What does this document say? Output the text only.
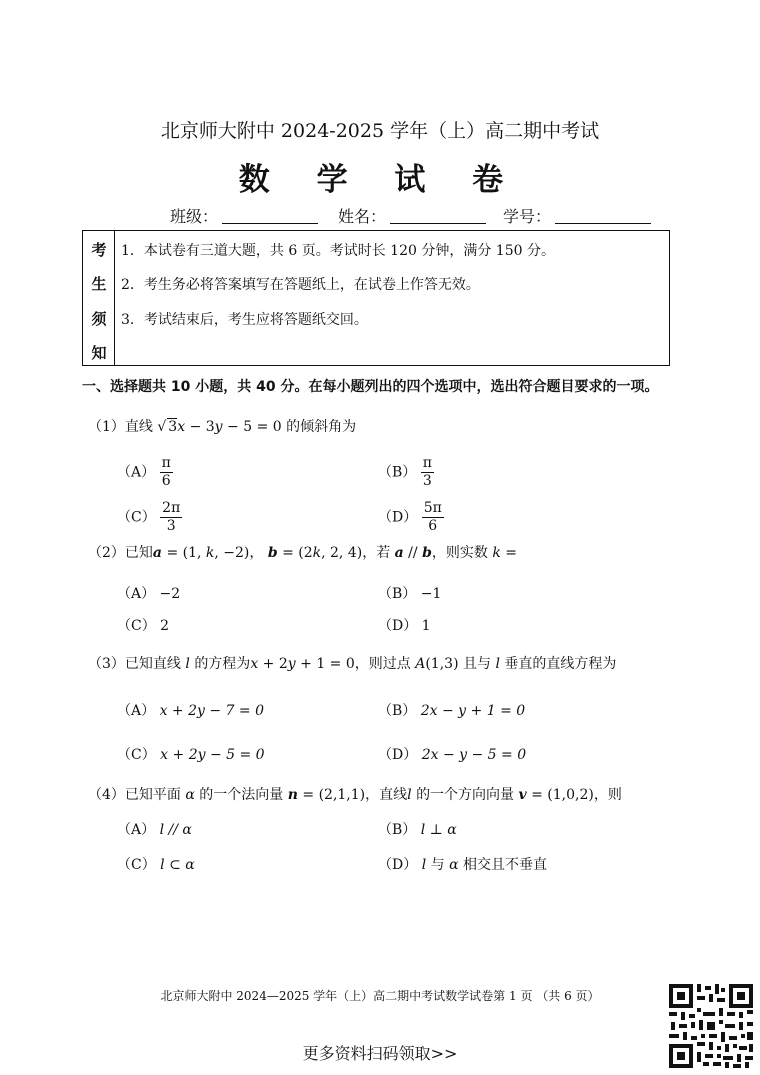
北京师大附中 2024-2025 学年（上）高二期中考试
数 学 试 卷
班级：	姓名：	学号：
考
生
须
知
1．本试卷有三道大题，共 6 页。考试时长 120 分钟，满分 150 分。
2．考生务必将答案填写在答题纸上，在试卷上作答无效。
3．考试结束后，考生应将答题纸交回。
一、选择题共 10 小题，共 40 分。在每小题列出的四个选项中，选出符合题目要求的一项。
（1）直线 √ 3x − 3y − 5 = 0 的倾斜角为
$(A) \frac{\pi}{6}$	$(B) \frac{\pi}{3}$
$(C) \frac{2\pi}{3}$	$(D) \frac{5\pi}{6}$
（2）已知a = (1, k, −2)， b = (2k, 2, 4)，若 a // b，则实数 k =
（A） −2	（B） −1
（C） 2	（D） 1
（3）已知直线 l 的方程为x + 2y + 1 = 0，则过点 A(1,3) 且与 l 垂直的直线方程为
（A） x + 2y − 7 = 0	（B） 2x − y + 1 = 0
（C） x + 2y − 5 = 0	（D） 2x − y − 5 = 0
（4）已知平面 α 的一个法向量 n = (2,1,1)，直线l 的一个方向向量 v = (1,0,2)，则
（A） l // α	（B） l ⊥ α
（C） l ⊂ α	（D） l 与 α 相交且不垂直
北京师大附中 2024—2025 学年（上）高二期中考试数学试卷第 1 页 （共 6 页）
更多资料扫码领取>>
